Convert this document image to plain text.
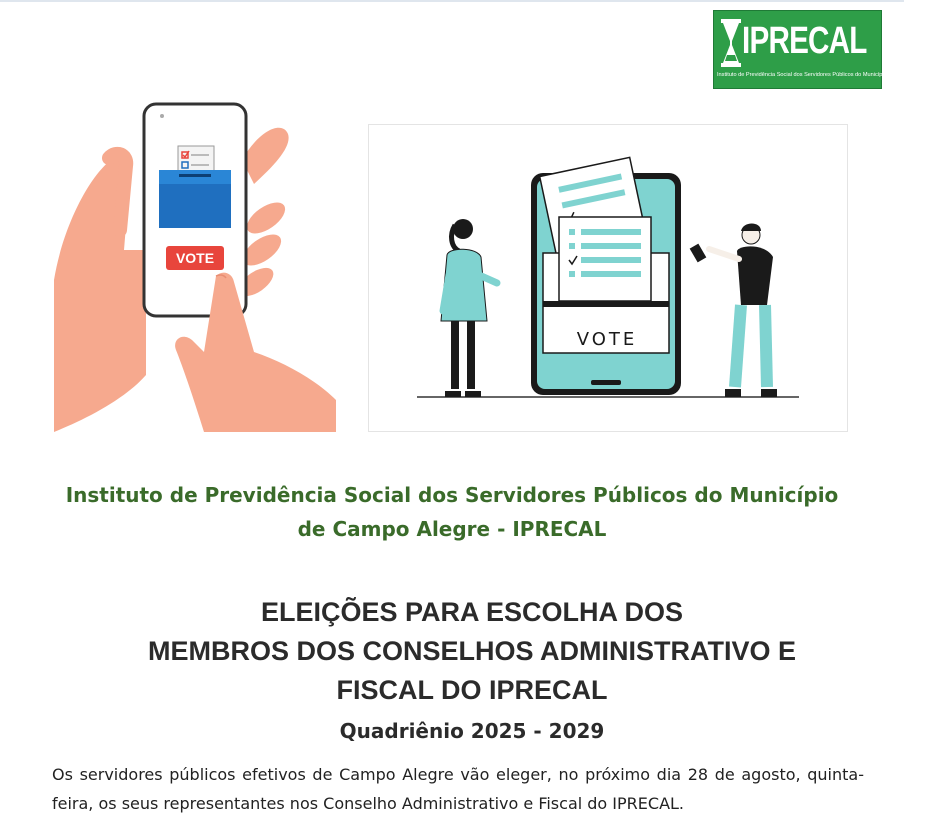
IPRECAL
Instituto de Previdência Social dos Servidores Públicos do Município de Campo Alegre
VOTE
VOTE
Instituto de Previdência Social dos Servidores Públicos do Município
de Campo Alegre - IPRECAL
ELEIÇÕES PARA ESCOLHA DOS
MEMBROS DOS CONSELHOS ADMINISTRATIVO E
FISCAL DO IPRECAL
Quadriênio 2025 - 2029
Os servidores públicos efetivos de Campo Alegre vão eleger, no próximo dia 28 de agosto, quinta-feira, os seus representantes nos Conselho Administrativo e Fiscal do IPRECAL.
